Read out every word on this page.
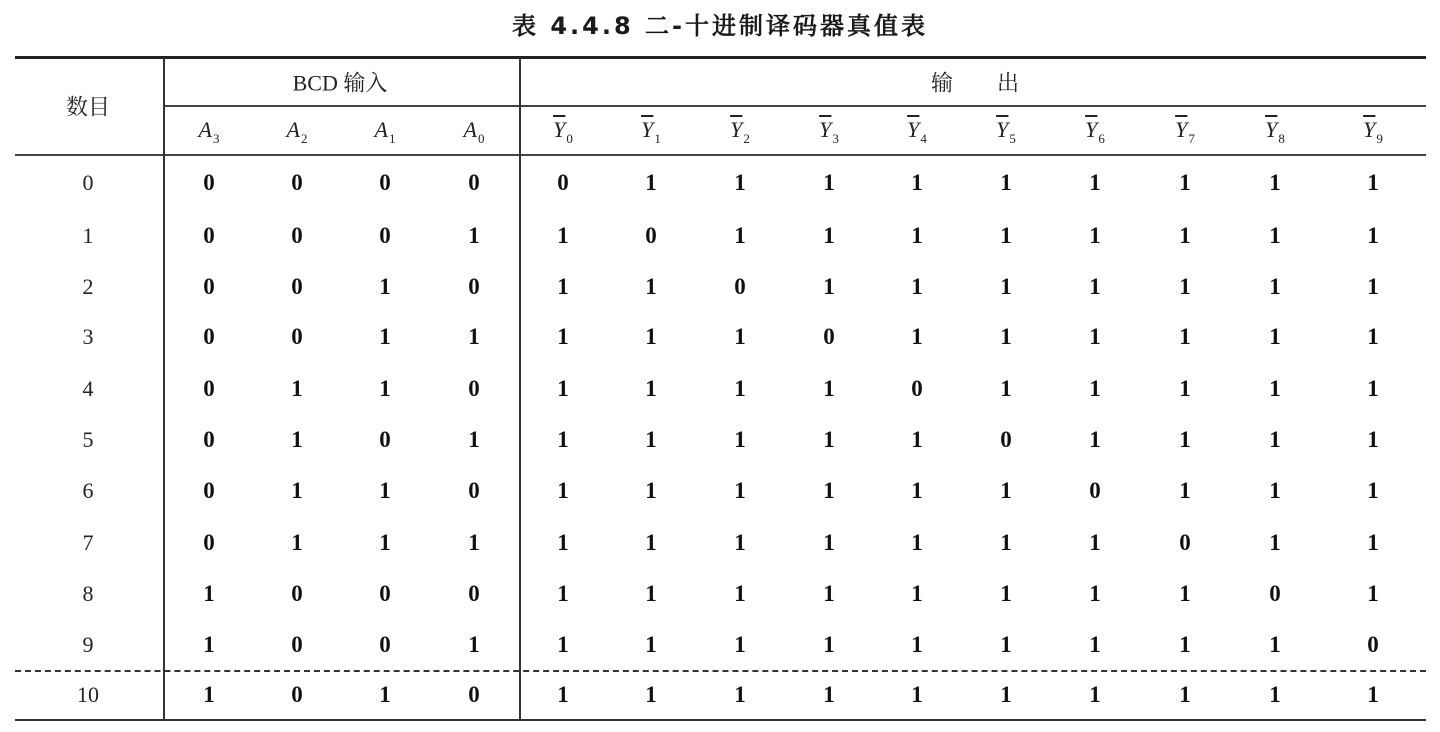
表 4.4.8 二-十进制译码器真值表
数目
BCD 输入	输　　出
$A_3$	$A_2$	$A_1$	$A_0$	$\overline{Y}_0$	$\overline{Y}_1$	$\overline{Y}_2$	$\overline{Y}_3$	$\overline{Y}_4$	$\overline{Y}_5$	$\overline{Y}_6$	$\overline{Y}_7$	$\overline{Y}_8$	$\overline{Y}_9$
0	0	0	0	0	0	1	1	1	1	1	1	1	1	1
1	0	0	0	1	1	0	1	1	1	1	1	1	1	1
2	0	0	1	0	1	1	0	1	1	1	1	1	1	1
3	0	0	1	1	1	1	1	0	1	1	1	1	1	1
4	0	1	1	0	1	1	1	1	0	1	1	1	1	1
5	0	1	0	1	1	1	1	1	1	0	1	1	1	1
6	0	1	1	0	1	1	1	1	1	1	0	1	1	1
7	0	1	1	1	1	1	1	1	1	1	1	0	1	1
8	1	0	0	0	1	1	1	1	1	1	1	1	0	1
9	1	0	0	1	1	1	1	1	1	1	1	1	1	0
10	1	0	1	0	1	1	1	1	1	1	1	1	1	1
